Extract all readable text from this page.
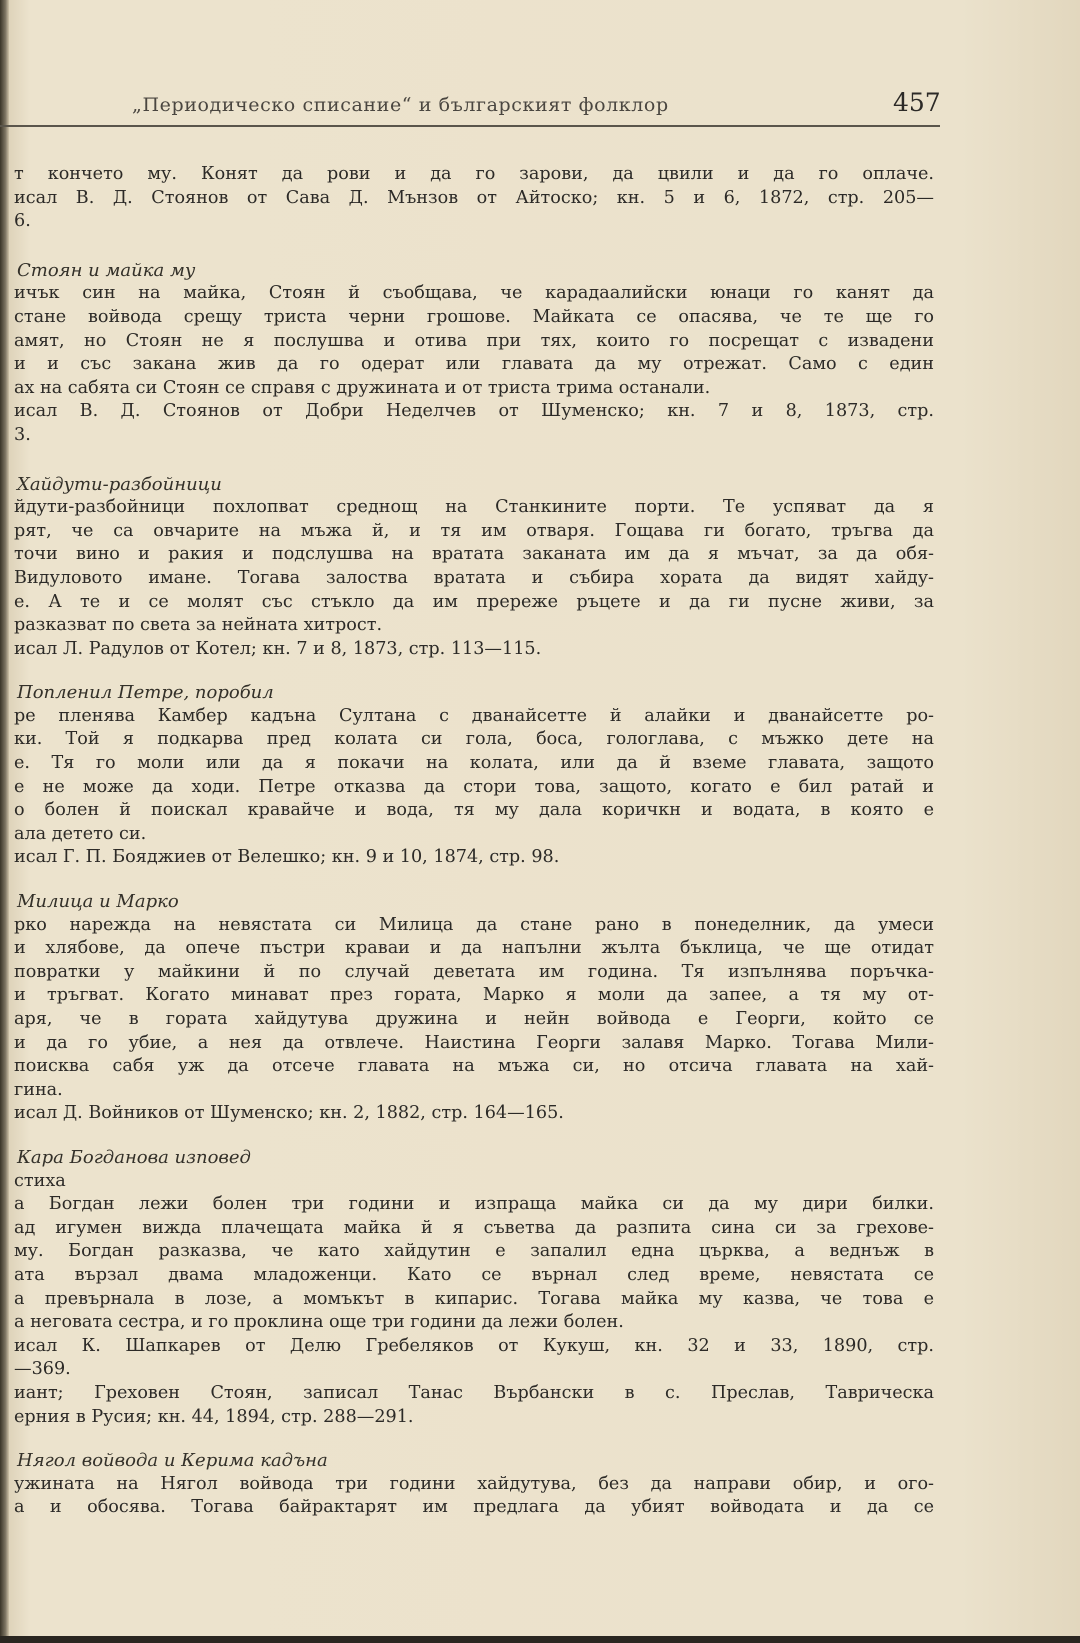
„Периодическо списание“ и българският фолклор	457
т кончето му. Конят да рови и да го зарови, да цвили и да го оплаче.
исал В. Д. Стоянов от Сава Д. Мънзов от Айтоско; кн. 5 и 6, 1872, стр. 205—
6.
Стоян и майка му
ичък син на майка, Стоян й съобщава, че карадаалийски юнаци го канят да
стане войвода срещу триста черни грошове. Майката се опасява, че те ще го
амят, но Стоян не я послушва и отива при тях, които го посрещат с извадени
и и със закана жив да го одерат или главата да му отрежат. Само с един
ах на сабята си Стоян се справя с дружината и от триста трима останали.
исал В. Д. Стоянов от Добри Неделчев от Шуменско; кн. 7 и 8, 1873, стр.
3.
Хайдути-разбойници
йдути-разбойници похлопват среднощ на Станкините порти. Те успяват да я
рят, че са овчарите на мъжа й, и тя им отваря. Гощава ги богато, тръгва да
точи вино и ракия и подслушва на вратата заканата им да я мъчат, за да обя-
Видуловото имане. Тогава залоства вратата и събира хората да видят хайду-
е. А те и се молят със стъкло да им прережe ръцете и да ги пусне живи, за
разказват по света за нейната хитрост.
исал Л. Радулов от Котел; кн. 7 и 8, 1873, стр. 113—115.
Попленил Петре, поробил
ре пленява Камбер кадъна Султана с дванайсетте й алайки и дванайсетте ро-
ки. Той я подкарва пред колата си гола, боса, гологлава, с мъжко дете на
е. Тя го моли или да я покачи на колата, или да й вземе главата, защото
е не може да ходи. Петре отказва да стори това, защото, когато е бил ратай и
о болен й поискал кравайче и вода, тя му дала коричкн и водата, в която е
ала детето си.
исал Г. П. Бояджиев от Велешко; кн. 9 и 10, 1874, стр. 98.
Милица и Марко
рко нарежда на невястата си Милица да стане рано в понеделник, да умеси
и хлябове, да опече пъстри краваи и да напълни жълта бъклица, че ще отидат
повратки у майкини й по случай деветата им година. Тя изпълнява поръчка-
и тръгват. Когато минават през гората, Марко я моли да запее, а тя му от-
аря, че в гората хайдутува дружина и нейн войвода е Георги, който се
и да го убие, а нея да отвлече. Наистина Георги залавя Марко. Тогава Мили-
поисква сабя уж да отсече главата на мъжа си, но отсича главата на хай-
гина.
исал Д. Войников от Шуменско; кн. 2, 1882, стр. 164—165.
Кара Богданова изповед
стиха
а Богдан лежи болен три години и изпраща майка си да му дири билки.
ад игумен вижда плачещата майка й я съветва да разпита сина си за грехове-
му. Богдан разказва, че като хайдутин е запалил една църква, а веднъж в
ата вързал двама младоженци. Като се върнал след време, невястата се
а превърнала в лозе, а момъкът в кипарис. Тогава майка му казва, че това е
а неговата сестра, и го проклина още три години да лежи болен.
исал К. Шапкарев от Делю Гребеляков от Кукуш, кн. 32 и 33, 1890, стр.
—369.
иант; Греховен Стоян, записал Танас Върбански в с. Преслав, Таврическа
ерния в Русия; кн. 44, 1894, стр. 288—291.
Нягол войвода и Керима кадъна
ужината на Нягол войвода три години хайдутува, без да направи обир, и ого-
а и обосява. Тогава байрактарят им предлага да убият войводата и да се
